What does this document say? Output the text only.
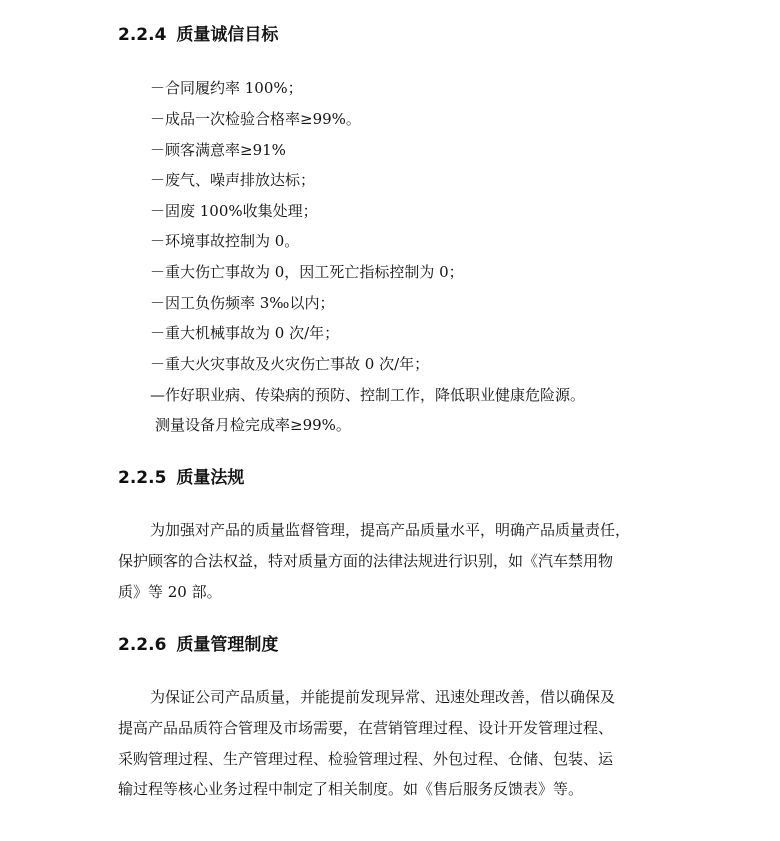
2.2.4 质量诚信目标
－合同履约率 100%；
－成品一次检验合格率≥99%。
－顾客满意率≥91%
－废气、噪声排放达标；
－固废 100%收集处理；
－环境事故控制为 0。
－重大伤亡事故为 0，因工死亡指标控制为 0；
－因工负伤频率 3‰以内；
－重大机械事故为 0 次/年；
－重大火灾事故及火灾伤亡事故 0 次/年；
—作好职业病、传染病的预防、控制工作，降低职业健康危险源。
测量设备月检完成率≥99%。
2.2.5 质量法规
为加强对产品的质量监督管理，提高产品质量水平，明确产品质量责任，
保护顾客的合法权益，特对质量方面的法律法规进行识别，如《汽车禁用物
质》等 20 部。
2.2.6 质量管理制度
为保证公司产品质量，并能提前发现异常、迅速处理改善，借以确保及
提高产品品质符合管理及市场需要，在营销管理过程、设计开发管理过程、
采购管理过程、生产管理过程、检验管理过程、外包过程、仓储、包装、运
输过程等核心业务过程中制定了相关制度。如《售后服务反馈表》等。
